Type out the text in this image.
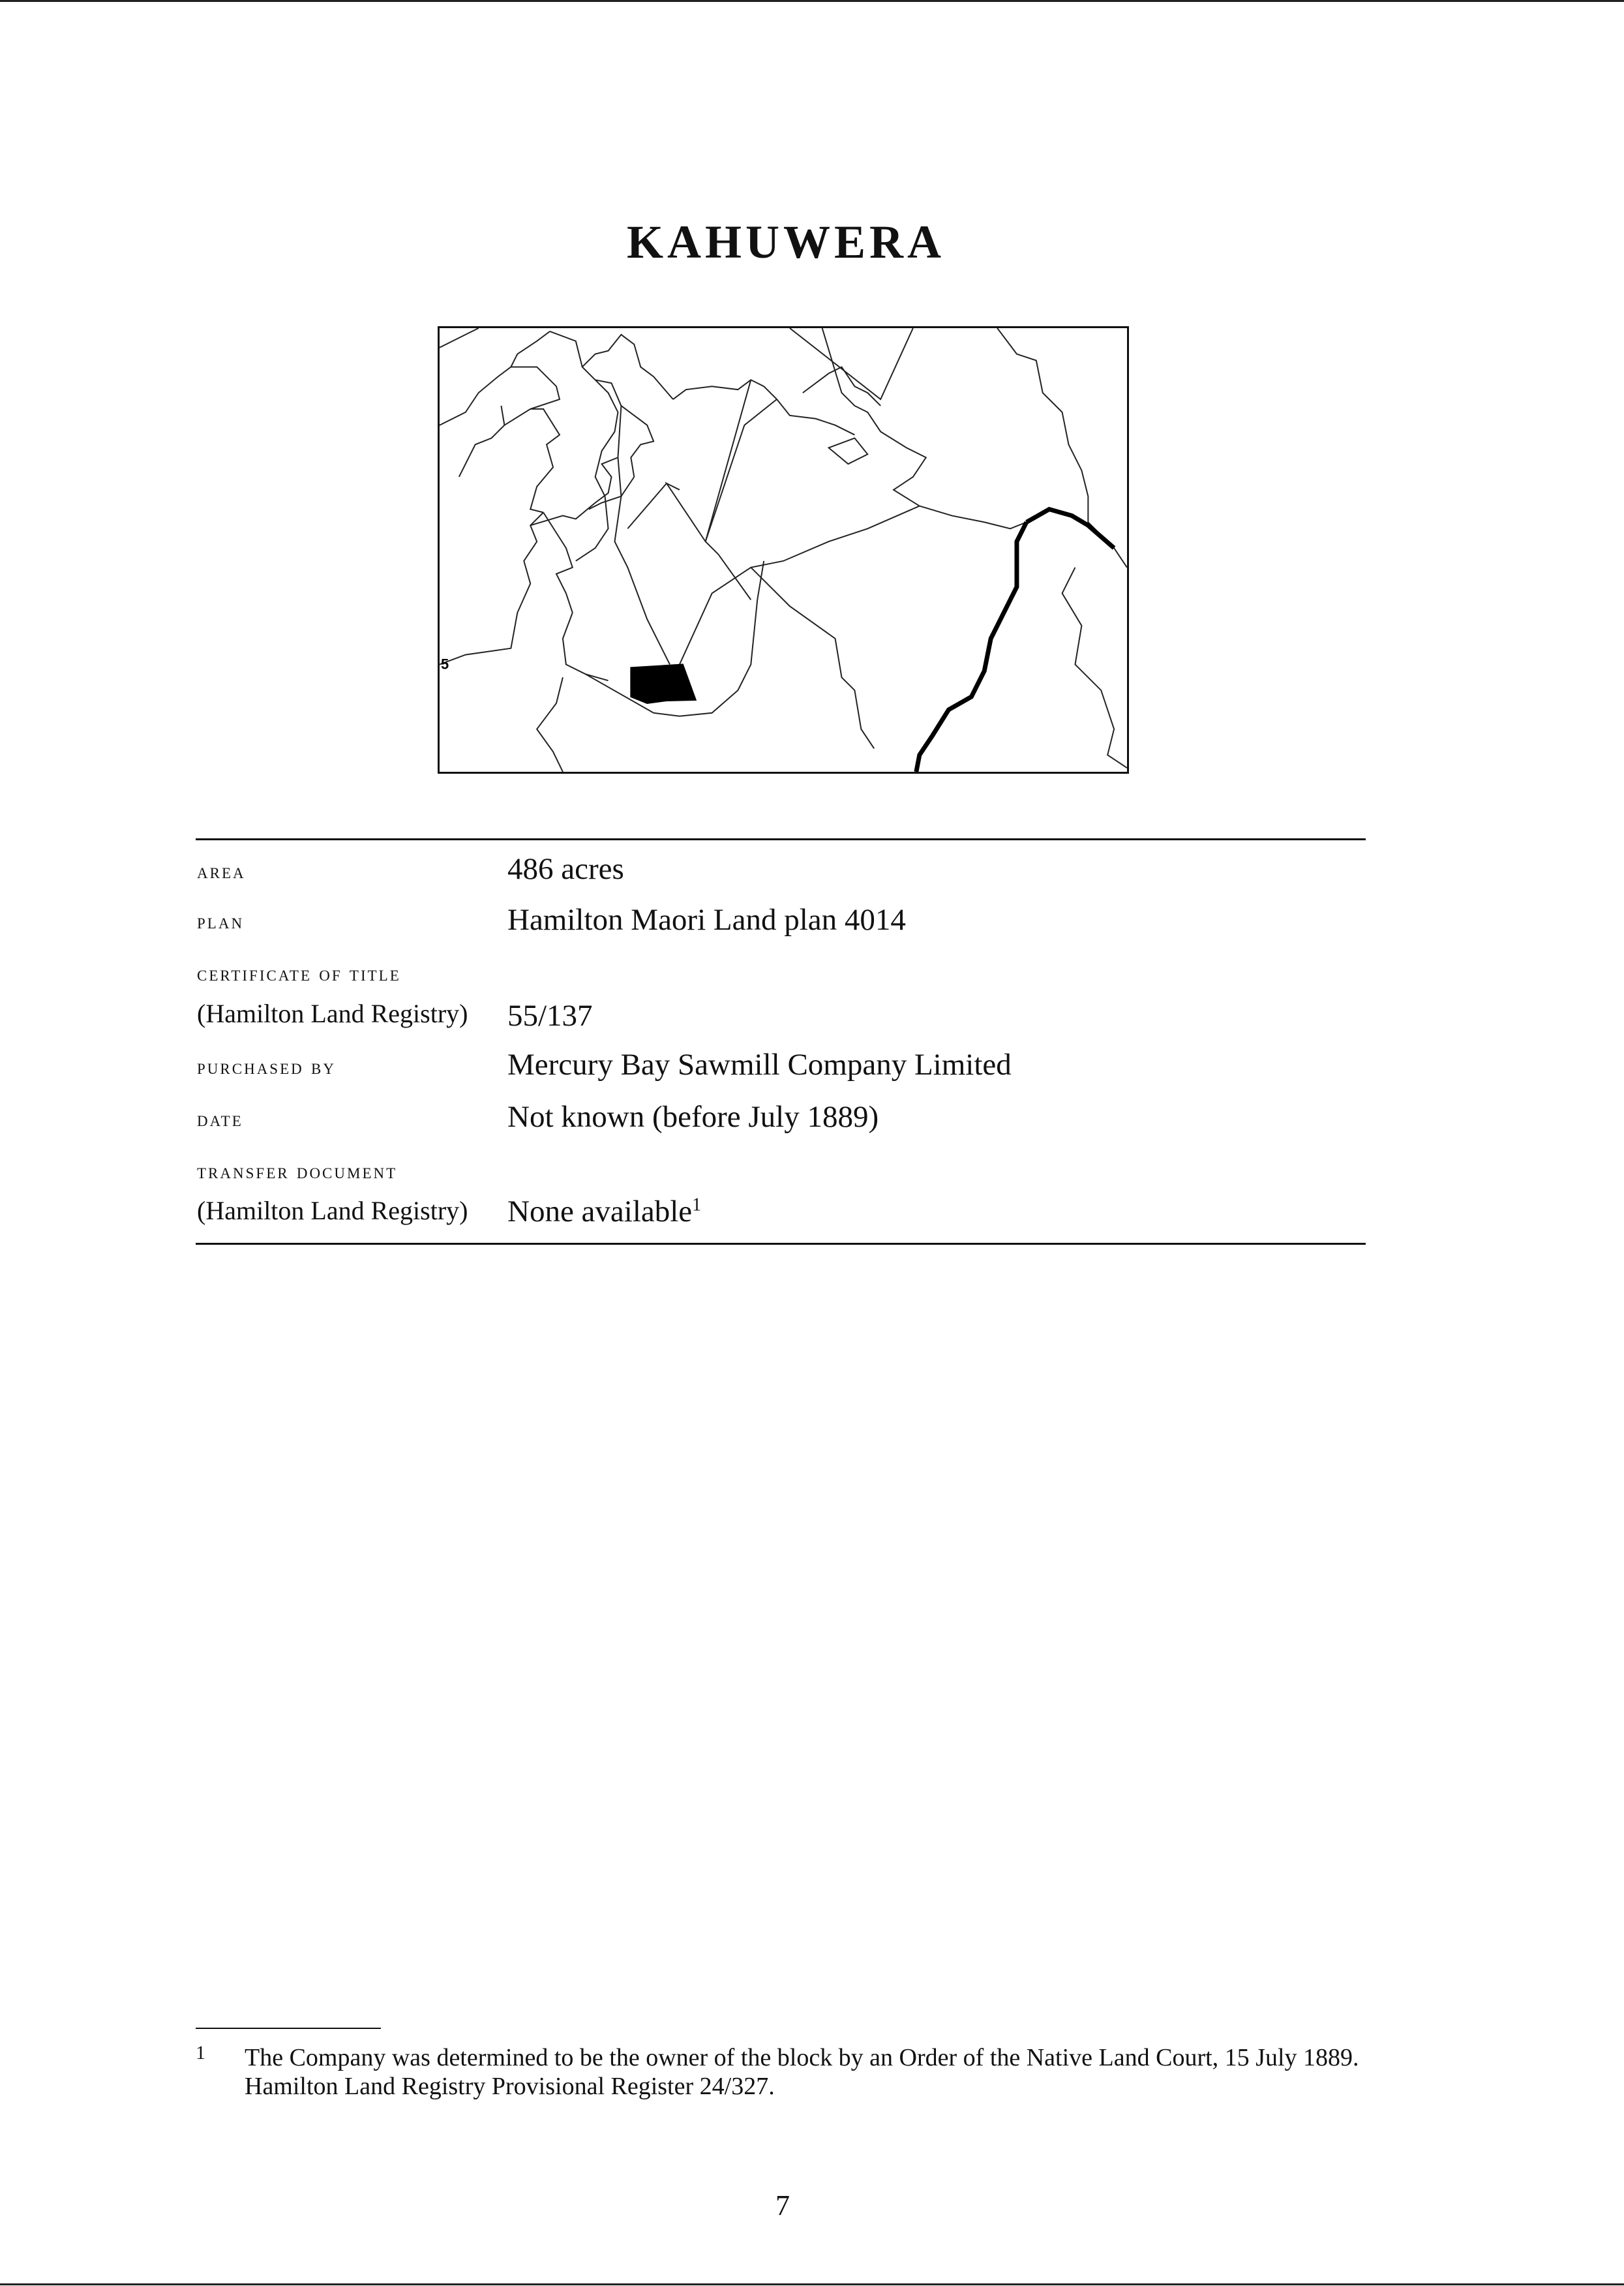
KAHUWERA
5
area	486 acres
plan	Hamilton Maori Land plan 4014
certificate of title
(Hamilton Land Registry) 55/137
purchased by	Mercury Bay Sawmill Company Limited
date	Not known (before July 1889)
transfer document
(Hamilton Land Registry) None available$^1$
1 The Company was determined to be the owner of the block by an Order of the Native Land Court, 15 July 1889. Hamilton Land Registry Provisional Register 24/327.
7
